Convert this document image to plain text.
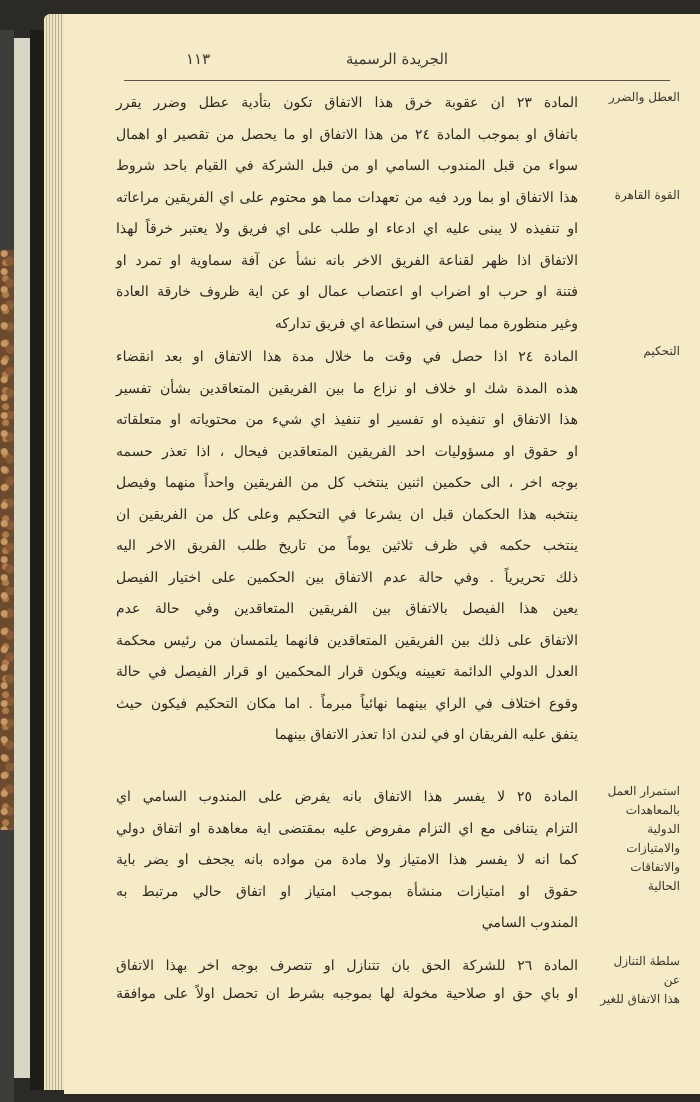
١١٣	الجريدة الرسمية
العطل والضرر
القوة القاهرة
المادة ٢٣ ان عقوبة خرق هذا الاتفاق تكون بتأدية عطل وضرر يقرر
باتفاق او بموجب المادة ٢٤ من هذا الاتفاق او ما يحصل من تقصير او اهمال
سواء من قبل المندوب السامي او من قبل الشركة في القيام باحد شروط
هذا الاتفاق او بما ورد فيه من تعهدات مما هو محتوم على اي الفريقين مراعاته
او تنفيذه لا يبنى عليه اي ادعاء او طلب على اي فريق ولا يعتبر خرقاً لهذا
الاتفاق اذا ظهر لقناعة الفريق الاخر بانه نشأ عن آفة سماوية او تمرد او
فتنة او حرب او اضراب او اعتصاب عمال او عن اية ظروف خارقة العادة
وغير منظورة مما ليس في استطاعة اي فريق تداركه
التحكيم
المادة ٢٤ اذا حصل في وقت ما خلال مدة هذا الاتفاق او بعد انقضاء
هذه المدة شك او خلاف او نزاع ما بين الفريقين المتعاقدين بشأن تفسير
هذا الاتفاق او تنفيذه او تفسير او تنفيذ اي شيء من محتوياته او متعلقاته
او حقوق او مسؤوليات احد الفريقين المتعاقدين فيحال ، اذا تعذر حسمه
بوجه اخر ، الى حكمين اثنين ينتخب كل من الفريقين واحداً منهما وفيصل
ينتخبه هذا الحكمان قبل ان يشرعا في التحكيم وعلى كل من الفريقين ان
ينتخب حكمه في ظرف ثلاثين يوماً من تاريخ طلب الفريق الاخر اليه
ذلك تحريرياً . وفي حالة عدم الاتفاق بين الحكمين على اختيار الفيصل
يعين هذا الفيصل بالاتفاق بين الفريقين المتعاقدين وفي حالة عدم
الاتفاق على ذلك بين الفريقين المتعاقدين فانهما يلتمسان من رئيس محكمة
العدل الدولي الدائمة تعيينه ويكون قرار المحكمين او قرار الفيصل في حالة
وقوع اختلاف في الراي بينهما نهائياً مبرماً . اما مكان التحكيم فيكون حيث
يتفق عليه الفريقان او في لندن اذا تعذر الاتفاق بينهما
استمرار العمل
بالمعاهدات الدولية
والامتيازات
والاتفاقات الحالية
المادة ٢٥ لا يفسر هذا الاتفاق بانه يفرض على المندوب السامي اي
التزام يتنافى مع اي التزام مفروض عليه بمقتضى اية معاهدة او اتفاق دولي
كما انه لا يفسر هذا الامتياز ولا مادة من مواده بانه يجحف او يضر باية
حقوق او امتيازات منشأة بموجب امتياز او اتفاق حالي مرتبط به
المندوب السامي
سلطة التنازل عن
هذا الاتفاق للغير
المادة ٢٦ للشركة الحق بان تتنازل او تتصرف بوجه اخر بهذا الاتفاق
او باي حق او صلاحية مخولة لها بموجبه بشرط ان تحصل اولاً على موافقة
